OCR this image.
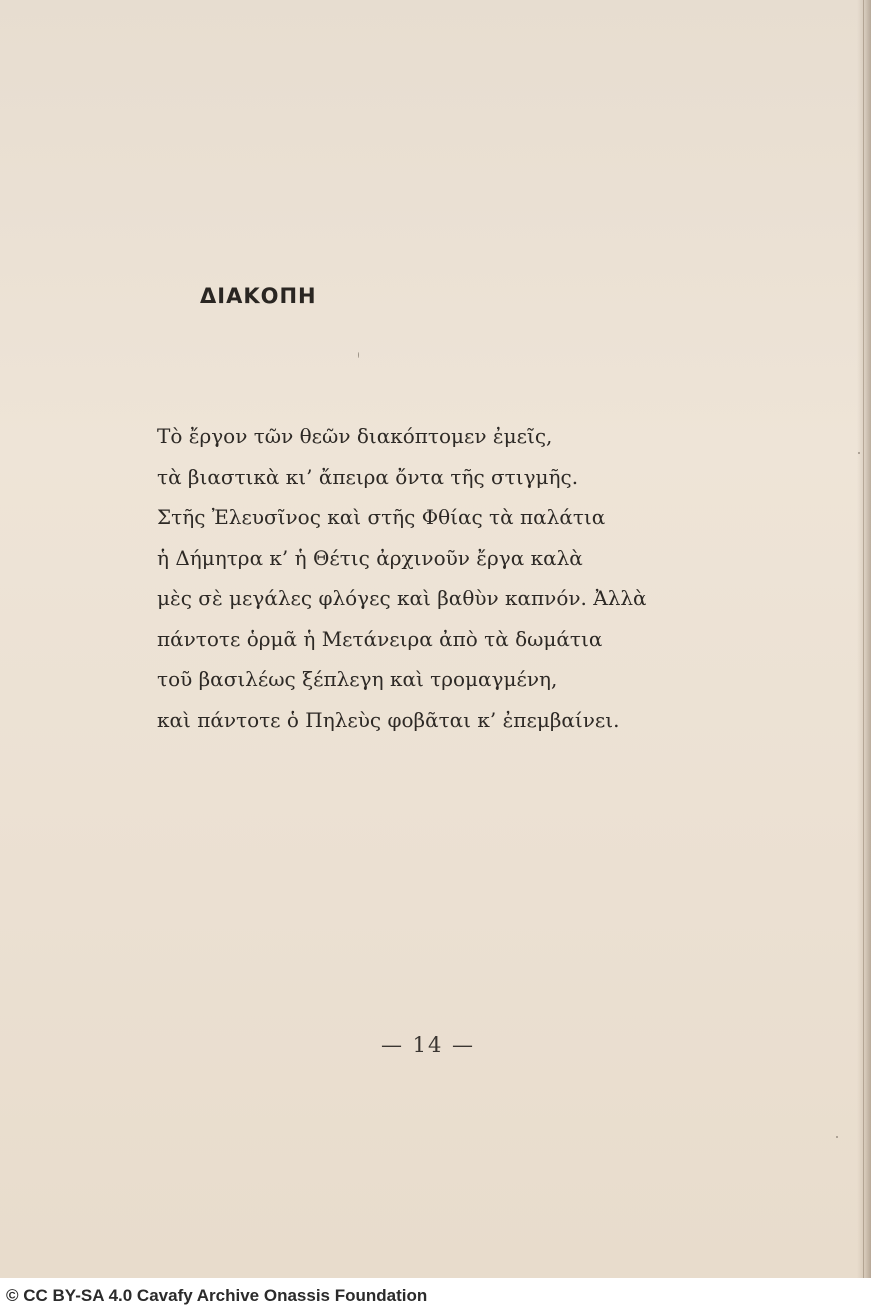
ΔΙΑΚΟΠΗ
Τὸ ἔργον τῶν θεῶν διακόπτομεν ἐμεῖς,
τὰ βιαστικὰ κι’ ἄπειρα ὄντα τῆς στιγμῆς.
Στῆς Ἐλευσῖνος καὶ στῆς Φθίας τὰ παλάτια
ἡ Δήμητρα κ’ ἡ Θέτις ἀρχινοῦν ἔργα καλὰ
μὲς σὲ μεγάλες φλόγες καὶ βαθὺν καπνόν. Ἀλλὰ
πάντοτε ὁρμᾶ ἡ Μετάνειρα ἀπὸ τὰ δωμάτια
τοῦ βασιλέως ξέπλεγη καὶ τρομαγμένη,
καὶ πάντοτε ὁ Πηλεὺς φοβᾶται κ’ ἐπεμβαίνει.
— 14 —

© CC BY-SA 4.0 Cavafy Archive Onassis Foundation
